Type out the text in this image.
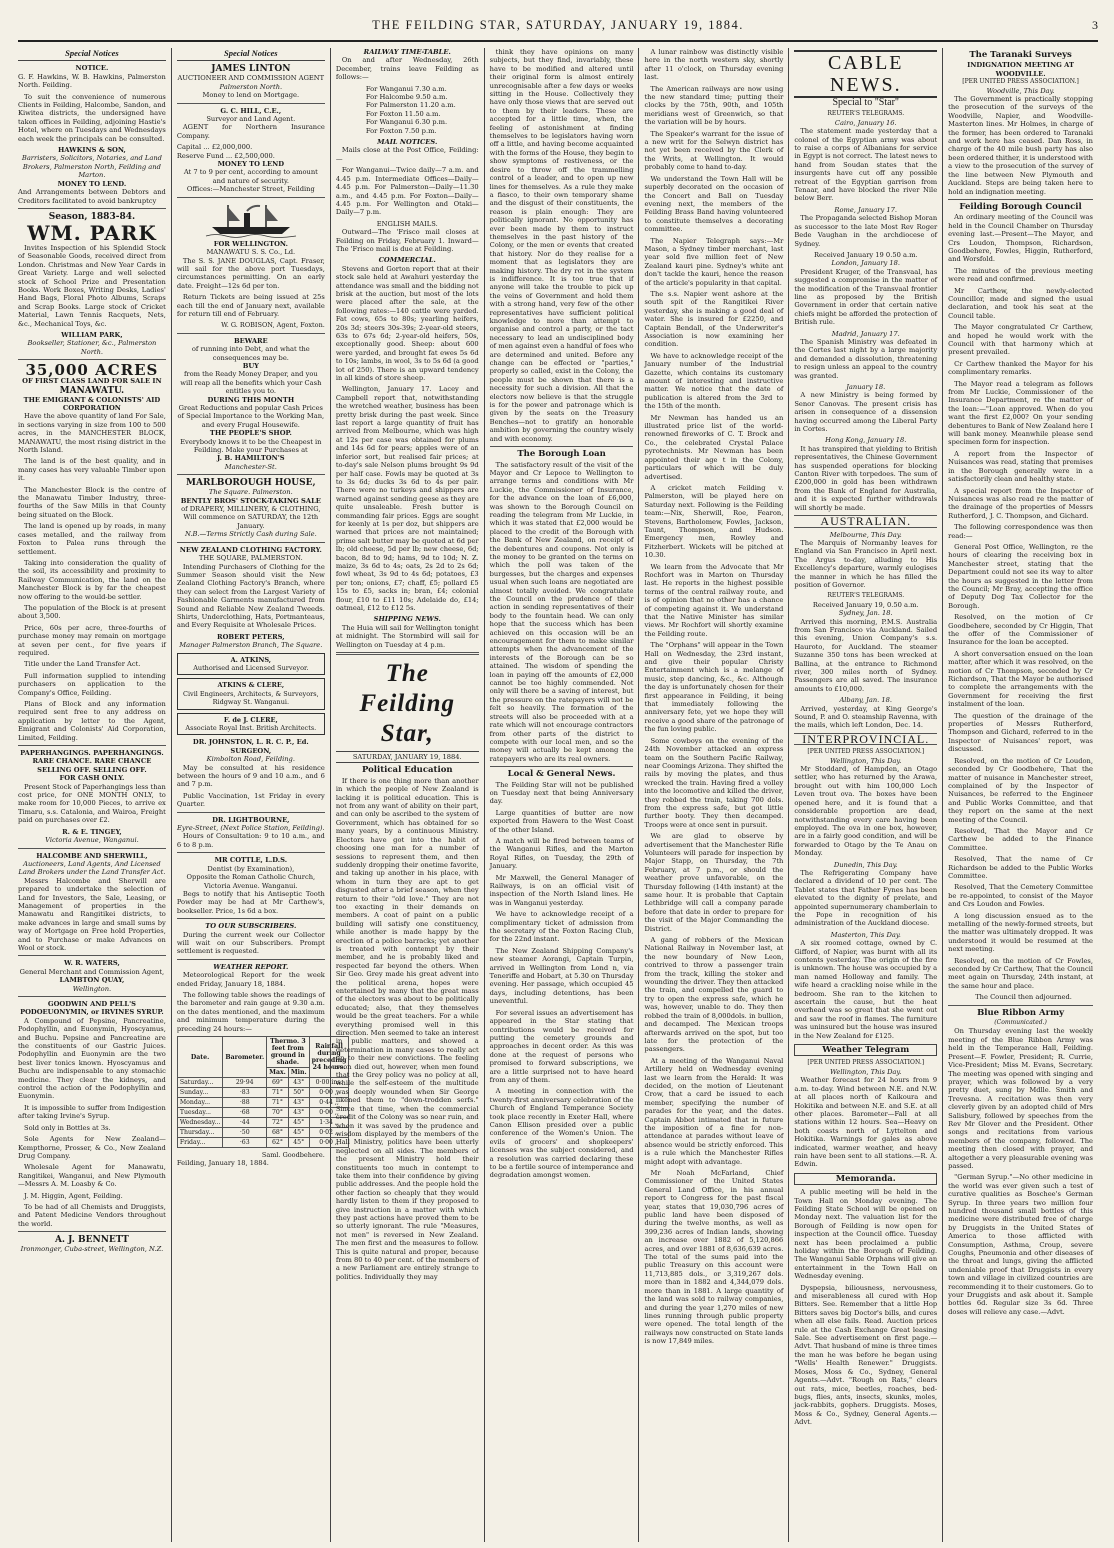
THE FEILDING STAR, SATURDAY, JANUARY 19, 1884.	3
Special Notices
NOTICE.

G. F. Hawkins, W. B. Hawkins, Palmerston North. Feilding.

To suit the convenience of numerous Clients in Feilding, Halcombe, Sandon, and Kiwitea districts, the undersigned have taken offices in Feilding, adjoining Hastie's Hotel, where on Tuesdays and Wednesdays each week the principals can be consulted.

HAWKINS & SON,
Barristers, Solicitors, Notaries, and Land Brokers, Palmerston North, Feilding and Marton.
MONEY TO LEND.

And Arrangements between Debtors and Creditors facilitated to avoid bankruptcy

Season, 1883-84.
WM. PARK

Invites Inspection of his Splendid Stock of Seasonable Goods, received direct from London. Christmas and New Year Cards in Great Variety. Large and well selected stock of School Prize and Presentation Books. Work Boxes, Writing Desks, Ladies' Hand Bags, Floral Photo Albums, Scraps and Scrap Books. Large stock of Cricket Material, Lawn Tennis Racquets, Nets, &c., Mechanical Toys, &c.

WILLIAM PARK,
Bookseller, Stationer, &c., Palmerston North.
35,000 ACRES
OF FIRST CLASS LAND FOR SALE IN
MANAWATU.
THE EMIGRANT & COLONISTS' AID CORPORATION

Have the above quantity of land For Sale, in sections varying in size from 100 to 500 acres, in the MANCHESTER BLOCK, MANAWATU, the most rising district in the North Island.

The land is of the best quality, and in many cases has very valuable Timber upon it.

The Manchester Block is the centre of the Manawatu Timber Industry, three-fourths of the Saw Mills in that County being situated on the Block.

The land is opened up by roads, in many cases metalled, and the railway from Foxton to Palea runs through the settlement.

Taking into consideration the quality of the soil, its accessibility and proximity to Railway Communication, the land on the Manchester Block is by far the cheapest now offering to the would-be settler.

The population of the Block is at present about 3,500.

Price, 60s per acre, three-fourths of purchase money may remain on mortgage at seven per cent., for five years if required.

Title under the Land Transfer Act.

Full information supplied to intending purchasers on application to the Company's Office, Feilding.

Plans of Block and any information required sent free to any address on application by letter to the Agent, Emigrant and Colonists' Aid Corporation, Limited, Feilding.

PAPERHANGINGS. PAPERHANGINGS.
RARE CHANCE. RARE CHANCE
SELLING OFF. SELLING OFF.
FOR CASH ONLY.

Present Stock of Paperhangings less than cost price, for ONE MONTH ONLY, to make room for 10,000 Pieces, to arrive ex Timaru, s.s. Catalonia, and Wairoa, Freight paid on purchases over £2.

R. & E. TINGEY,
Victoria Avenue, Wanganui.
HALCOMBE AND SHERWILL,
Auctioneers, Land Agents, And Licensed Land Brokers under the Land Transfer Act.

Messrs Halcombe and Sherwill are prepared to undertake the selection of Land for Investors, the Sale, Leasing, or Management of properties in the Manawatu and Rangitikei districts, to make advances in large and small sums by way of Mortgage on Free hold Properties, and to Purchase or make Advances on Wool or stock.

W. R. WATERS,
General Merchant and Commission Agent,
LAMBTON QUAY,
Wellington.
GOODWIN AND PELL'S PODOEUONYMIN, or IRVINES SYRUP.

A Compound of Pepsine, Pancreatine, Podophyllin, and Euonymin, Hyoscyamus, and Buchu. Pepsine and Pancreatine are the constituents of our Gastric Juices. Podophyllin and Euonymin are the two best liver tonics known. Hyoscyamus and Buchu are indispensable to any stomachic medicine. They clear the kidneys, and control the action of the Podophyllin and Euonymin.

It is impossible to suffer from Indigestion after taking Irvine's Syrup.

Sold only in Bottles at 3s.

Sole Agents for New Zealand—Kempthorne, Prosser, & Co., New Zealand Drug Company.

Wholesale Agent for Manawatu, Rangitikei, Wanganui, and New Plymouth—Messrs A. M. Loasby & Co.

J. M. Higgin, Agent, Feilding.

To be had of all Chemists and Druggists, and Patent Medicine Vendors throughout the world.

A. J. BENNETT
Ironmonger, Cuba-street, Wellington, N.Z.
Special Notices
JAMES LINTON
AUCTIONEER AND COMMISSION AGENT
Palmerston North.
Money to lend on Mortgage.
G. C. HILL, C.E.,
Surveyor and Land Agent.

AGENT for Northern Insurance Company.

Capital ... £2,000,000.
Reserve Fund ... £2,500,000.
MONEY TO LEND
At 7 to 9 per cent, according to amount and nature of security.
Offices:—Manchester Street, Feilding
FOR WELLINGTON.
MANAWATU S. S. Co., Ld.

The S. S. JANE DOUGLAS, Capt. Fraser, will sail for the above port Tuesdays, circumstances permitting. On an early date. Freight—12s 6d per ton.

Return Tickets are being issued at 25s each till the end of January next, available for return till end of February.

W. G. ROBISON, Agent, Foxton.
BEWARE
of running into Debt, and what the consequences may be.
BUY
from the Ready Money Draper, and you will reap all the benefits which your Cash entitles you to.
DURING THIS MONTH
Great Reductions and popular Cash Prices of Special Importance to the Working Man, and every Frugal Housewife.
THE PEOPLE'S SHOP.
Everybody knows it to be the Cheapest in Feilding. Make your Purchases at
J. B. HAMILTON'S
Manchester-St.
MARLBOROUGH HOUSE,
The Square. Palmerston.
BENTLY BROS' STOCK-TAKING SALE
of DRAPERY, MILLINERY, & CLOTHING,
Will commence on SATURDAY, the 12th January.
N.B.—Terms Strictly Cash during Sale.
NEW ZEALAND CLOTHING FACTORY.
THE SQUARE, PALMERSTON.

Intending Purchasers of Clothing for the Summer Season should visit the New Zealand Clothing Factory's Branch, where they can select from the Largest Variety of Fashionable Garments manufactured from Sound and Reliable New Zealand Tweeds. Shirts, Underclothing, Hats, Portmanteaus, and Every Requisite at Wholesale Prices.

ROBERT PETERS,
Manager Palmerston Branch, The Square.
A. ATKINS,
Authorised and Licensed Surveyor.
ATKINS & CLERE,
Civil Engineers, Architects, & Surveyors,
Ridgway St. Wanganui.
F. de J. CLERE,
Associate Royal Inst. British Architects.
DR. JOHNSTON, L. R. C. P., Ed. SURGEON,
Kimbolton Road, Feilding.

May be consulted at his residence between the hours of 9 and 10 a.m., and 6 and 7 p.m.

Public Vaccination, 1st Friday in every Quarter.

DR. LIGHTBOURNE,
Eyre-Street, (Next Police Station, Feilding).

Hours of Consultation: 9 to 10 a.m., and 6 to 8 p.m.

MR COTTLE, L.D.S.
Dentist (by Examination),
Opposite the Roman Catholic Church, Victoria Avenue. Wanganui.

Begs to notify that his Antiseptic Tooth Powder may be had at Mr Carthew's, bookseller. Price, 1s 6d a box.

TO OUR SUBSCRIBERS.

During the current week our Collector will wait on our Subscribers. Prompt settlement is requested.

WEATHER REPORT.

Meteorological Report for the week ended Friday, January 18, 1884.

The following table shows the readings of the barometer and rain gauge at 9.30 a.m. on the dates mentioned, and the maximum and minimum temperature during the preceding 24 hours:—

Date.	Barometer.	Thermo. 3 feet from ground in shade.		Rainfall during preceding 24 hours.
		Max.	Min.	
Saturday...	29·94	69°	43°	0·00 ins.
Sunday...	·83	71°	50°	0·00 ,,
Monday...	·88	71°	43°	0·44 ,,
Tuesday...	·68	70°	43°	0·00 ,,
Wednesday...	·44	72°	45°	1·34 ,,
Thursday...	·50	68°	45°	0·02 ,,
Friday...	·63	62°	45°	0·00 ,,
Saml. Goodbehere.
Feilding, January 18, 1884.
RAILWAY TIME-TABLE.

On and after Wednesday, 26th December, trains leave Feilding as follows:—

For Wanganui 7.30 a.m.
For Halcombe 9.50 a.m.
For Palmerston 11.20 a.m.
For Foxton 11.50 a.m.
For Wanganui 6.30 p.m.
For Foxton 7.50 p.m.
MAIL NOTICES.

Mails close at the Post Office, Feilding:—

For Wanganui—Twice daily—7 a.m. and 4.45 p.m. Intermediate Offices—Daily—4.45 p.m. For Palmerston—Daily—11.30 a.m., and 4.45 p.m. For Foxton—Daily—4.45 p.m. For Wellington and Otaki—Daily—7 p.m.

ENGLISH MAILS.

Outward—The 'Frisco mail closes at Feilding on Friday, February 1. Inward—The 'Frisco mail is due at Feilding.

COMMERCIAL.

Stevens and Gorton report that at their stock sale held at Awahuri yesterday the attendance was small and the bidding not brisk at the auction, but most of the lots were placed after the sale, at the following rates:—140 cattle were yarded. Fat cows, 65s to 80s; yearling heifers, 20s 3d; steers 30s-39s; 2-year-old steers, 63s to 67s 6d; 2-year-old heifers, 50s, exceptionally good. Sheep: about 600 were yarded, and brought fat ewes 5s 6d to 10s; lambs, in wool, 3s to 5s 6d (a good lot of 250). There is an upward tendency in all kinds of store sheep.

Wellington, January 17. Lacey and Campbell report that, notwithstanding the wretched weather, business has been pretty brisk during the past week. Since last report a large quantity of fruit has arrived from Melbourne, which was high at 12s per case was obtained for plums and 14s 6d for pears; apples were of an inferior sort, but realised fair prices; at to-day's sale Nelson plums brought 9s 9d per half case. Fowls may be quoted at 3s to 3s 6d; ducks 3s 6d to 4s per pair. There were no turkeys and shippers are warned against sending geese as they are quite unsaleable. Fresh butter is commanding fair prices. Eggs are sought for keenly at 1s per doz, but shippers are warned that prices are not maintained; prime salt butter may be quoted at 6d per lb; old cheese, 5d per lb; new cheese, 6d; bacon, 8d to 9d; hams, 9d to 10d; N. Z. maize, 3s 6d to 4s; oats, 2s 2d to 2s 6d; fowl wheat, 3s 9d to 4s 6d; potatoes, £3 per ton; onions, £7; chaff, £5; pollard £5 15s to £5, sacks in; bran, £4; colonial flour, £10 to £11 10s; Adelaide do, £14; oatmeal, £12 to £12 5s.

SHIPPING NEWS.

The Huia will sail for Wellington tonight at midnight. The Stormbird will sail for Wellington on Tuesday at 4 p.m.

The Feilding Star,
SATURDAY, JANUARY 19, 1884.
Political Education

If there is one thing more than another in which the people of New Zealand is lacking it is political education. This is not from any want of ability on their part, and can only be ascribed to the system of Government, which has obtained for so many years, by a continuous Ministry. Electors have got into the habit of choosing one man for a number of sessions to represent them, and then suddenly dropping their onetime favorite, and taking up another in his place, with whom in turn they are apt to get disgusted after a brief season, when they return to their "old love." They are not too exacting in their demands on members. A coat of paint on a public building will satisfy one constituency, while another is made happy by the erection of a police barracks; yet another is treated with contempt by their member, and he is probably liked and respected far beyond the others. When Sir Geo. Grey made his great advent into the political arena, hopes were entertained by many that the great mass of the electors was about to be politically educated; also, that they themselves would be the great teachers. For a while everything promised well in this direction. Men seemed to take an interest in public matters, and showed a determination in many cases to really act up to their new convictions. The feeling soon died out, however, when men found that the Grey policy was no policy at all, while the self-esteem of the multitude was deeply wounded when Sir George likened them to "down-trodden serfs." Since that time, when the commercial credit of the Colony was so near ruin, and when it was saved by the prudence and wisdom displayed by the members of the Hall Ministry, politics have been utterly neglected on all sides. The members of the present Ministry hold their constituents too much in contempt to take them into their confidence by giving public addresses. And the people hold the other faction so cheaply that they would hardly listen to them if they proposed to give instruction in a matter with which they past actions have proved them to be so utterly ignorant. The rule "Measures, not men" is reversed in New Zealand. The men first and the measures to follow. This is quite natural and proper, because from 80 to 40 per cent. of the members of a new Parliament are entirely strange to politics. Individually they may

think they have opinions on many subjects, but they find, invariably, these have to be modified and altered until their original form is almost entirely unrecognisable after a few days or weeks sitting in the House. Collectively they have only those views that are served out to them by their leaders. These are accepted for a little time, when, the feeling of astonishment at finding themselves to be legislators having worn off a little, and having become acquainted with the forms of the House, they begin to show symptoms of restiveness, or the desire to throw off the trammelling control of a leader, and to open up new lines for themselves. As a rule they make a fiasco, to their own temporary shame and the disgust of their constituents, the reason is plain enough: They are politically ignorant. No opportunity has ever been made by them to instruct themselves in the past history of the Colony, or the men or events that created that history. Nor do they realise for a moment that as legislators they are making history. The dry rot in the system is indifference. It is too true that if anyone will take the trouble to pick up the veins of Government and hold them with a strong hand, very few of the other representatives have sufficient political knowledge to more than attempt to organise and control a party, or the tact necessary to lead an undisciplined body of men against even a handful of foes who are determined and united. Before any change can be effected or "parties," properly so called, exist in the Colony, the people must be shown that there is a necessity for such a division. All that the electors now believe is that the struggle is for the power and patronage which is given by the seats on the Treasury Benches—not to gratify an honorable ambition by governing the country wisely and with economy.

The Borough Loan

The satisfactory result of the visit of the Mayor and Cr Lepoce to Wellington to arrange terms and conditions with Mr Luckie, the Commissioner of Insurance, for the advance on the loan of £6,000, was shown to the Borough Council on reading the telegram from Mr Luckie, in which it was stated that £2,000 would be placed to the credit of the Borough with the Bank of New Zealand, on receipt of the debentures and coupons. Not only is the money to be granted on the terms on which the poll was taken of the burgesses, but the charges and expenses usual when such loans are negotiated are almost totally avoided. We congratulate the Council on the prudence of their action in sending representatives of their body to the fountain head. We can only hope that the success which has been achieved on this occasion will be an encouragement for them to make similar attempts when the advancement of the interests of the Borough can be so attained. The wisdom of spending the loan in paying off the amounts of £2,000 cannot be too highly commended. Not only will there be a saving of interest, but the pressure on the ratepayers will not be felt so heavily. The formation of the streets will also be proceeded with at a rate which will not encourage contractors from other parts of the district to compete with our local men, and so the money will actually be kept among the ratepayers who are its real owners.

Local & General News.

The Feilding Star will not be published on Tuesday next that being Anniversary day.

Large quantities of butter are now exported from Hawera to the West Coast of the other Island.

A match will be fired between teams of the Wanganui Rifles, and the Marton Royal Rifles, on Tuesday, the 29th of January.

Mr Maxwell, the General Manager of Railways, is on an official visit of inspection of the North Island lines. He was in Wanganui yesterday.

We have to acknowledge receipt of a complimentary ticket of admission from the secretary of the Foxton Racing Club, for the 22nd instant.

The New Zealand Shipping Company's new steamer Aorangi, Captain Turpin, arrived in Wellington from Lond n, via Teneriffe and Hobart, at 5.30 on Thursday evening. Her passage, which occupied 45 days, including detentions, has been uneventful.

For several issues an advertisement has appeared in the Star stating that contributions would be received for putting the cemetery grounds and approaches in decent order. As this was done at the request of persons who promised to forward subscriptions, we are a little surprised not to have heard from any of them.

A meeting in connection with the twenty-first anniversary celebration of the Church of England Temperance Society took place recently in Exeter Hall, where Canon Ellison presided over a public conference of the Women's Union. The evils of grocers' and shopkeepers' licenses was the subject considered, and a resolution was carried declaring these to be a fertile source of intemperance and degradation amongst women.

A lunar rainbow was distinctly visible here in the north western sky, shortly after 11 o'clock, on Thursday evening last.

The American railways are now using the new standard time; putting their clocks by the 75th, 90th, and 105th meridians west of Greenwich, so that the variation will be by hours.

The Speaker's warrant for the issue of a new writ for the Selwyn district has not yet been received by the Clerk of the Writs, at Wellington. It would probably come to hand to-day.

We understand the Town Hall will be superbly decorated on the occasion of the Concert and Ball on Tuesday evening next, the members of the Feilding Brass Band having volunteered to constitute themselves a decorating committee.

The Napier Telegraph says:—Mr Mason, a Sydney timber merchant, last year sold five million feet of New Zealand kauri pine. Sydney's white ant don't tackle the kauri, hence the reason of the article's popularity in that capital.

The s.s. Napier went ashore at the south spit of the Rangitikei River yesterday, she is making a good deal of water. She is insured for £2250, and Captain Bendall, of the Underwriter's Association is now examining her condition.

We have to acknowledge receipt of the January number of the Industrial Gazette, which contains its customary amount of interesting and instructive matter. We notice that the date of publication is altered from the 3rd to the 15th of the month.

Mr Newman has handed us an illustrated price list of the world-renowned fireworks of C. T. Brock and Co., the celebrated Crystal Palace pyrotechnists. Mr Newman has been appointed their age t in the Colony, particulars of which will be duly advertised.

A cricket match Feilding v. Palmerston, will be played here on Saturday next. Following is the Feilding team:—Nix, Sherwill, Roe, Fearon, Stevens, Bartholomew, Fowles, Jackson, Taunt, Thompson, and Hudson. Emergency men, Rowley and Fitzherbert. Wickets will be pitched at 10.30.

We learn from the Advocate that Mr Rochfort was in Marton on Thursday last. He reports in the highest possible terms of the central railway route, and is of opinion that no other has a chance of competing against it. We understand that the Native Minister has similar views. Mr Rochfort will shortly examine the Feilding route.

The "Orphans" will appear in the Town Hall on Wednesday, the 23rd instant, and give their popular Christy Entertainment which is a melange of music, step dancing, &c., &c. Although the day is unfortunately chosen for their first appearance in Feilding, it being that immediately following the anniversary fete, yet we hope they will receive a good share of the patronage of the fun loving public.

Some cowboys on the evening of the 24th November attacked an express team on the Southern Pacific Railway, near Coomings Arizona. They shifted the rails by moving the plates, and thus wrecked the train. Having fired a volley into the locomotive and killed the driver, they robbed the train, taking 700 dols. from the express safe, but got little further booty. They then decamped. Troops were at once sent in pursuit.

We are glad to observe by advertisement that the Manchester Rifle Volunteers will parade for inspection by Major Stapp, on Thursday, the 7th February, at 7 p.m., or should the weather prove unfavorable, on the Thursday following (14th instant) at the same hour. It is probable that Captain Lethbridge will call a company parade before that date in order to prepare for the visit of the Major Commanding the District.

A gang of robbers of the Mexican National Railway in November last, at the new boundary of New Leon, contrived to throw a passenger train from the track, killing the stoker and wounding the driver. They then attacked the train, and compelled the guard to try to open the express safe, which he was, however, unable to do. They then robbed the train of 8,000dols. in bullion, and decamped. The Mexican troops afterwards arrived on the spot, but too late for the protection of the passengers.

At a meeting of the Wanganui Naval Artillery held on Wednesday evening last we learn from the Herald: It was decided, on the motion of Lieutenant Crow, that a card be issued to each member, specifying the number of parades for the year, and the dates. Captain Abbot intimated that in future the imposition of a fine for non-attendance at parades without leave of absence would be strictly enforced. This is a rule which the Manchester Rifles might adopt with advantage.

Mr Noah McFarland, Chief Commissioner of the United States General Land Office, in his annual report to Congress for the past fiscal year, states that 19,030,796 acres of public land have been disposed of during the twelve months, as well as 399,236 acres of Indian lands, showing an increase over 1882 of 5,120,866 acres, and over 1881 of 8,636,639 acres. The total of the sums paid into the public Treasury on this account were 11,713,885 dols., or 3,319,267 dols. more than in 1882 and 4,344,079 dols. more than in 1881. A large quantity of the land was sold to railway companies, and during the year 1,270 miles of new lines running through public property were opened. The total length of the railways now constructed on State lands is now 17,849 miles.

CABLE NEWS.
Special to "Star"
REUTER'S TELEGRAMS.
Cairo, January 16.

The statement made yesterday that a colonel of the Egyptian army was about to raise a corps of Albanians for service in Egypt is not correct. The latest news to hand from Soudan states that the insurgents have cut off any possible retreat of the Egyptian garrison from Tenaar, and have blocked the river Nile below Berr.

Rome, January 17.

The Propaganda selected Bishop Moran as successor to the late Most Rev Roger Bede Vaughan in the archdiocese of Sydney.

Received January 19 0.50 a.m.
London, January 18.

President Kruger, of the Transvaal, has suggested a compromise in the matter of the modification of the Transvaal frontier line as proposed by the British Government in order that certain native chiefs might be afforded the protection of British rule.

Madrid, January 17.

The Spanish Ministry was defeated in the Cortes last night by a large majority and demanded a dissolution, threatening to resign unless an appeal to the country was granted.

January 18.

A new Ministry is being formed by Senor Canovas. The present crisis has arisen in consequence of a dissension having occurred among the Liberal Party in Cortes.

Hong Kong, January 18.

It has transpired that yielding to British representatives, the Chinese Government has suspended operations for blocking Canton River with torpedoes. The sum of £200,000 in gold has been withdrawn from the Bank of England for Australia, and it is expected further withdrawals will shortly be made.

AUSTRALIAN.
Melbourne, This Day.

The Marquis of Normanby leaves for England via San Francisco in April next. The Argus to-day, alluding to His Excellency's departure, warmly eulogises the manner in which he has filled the position of Governor.

REUTER'S TELEGRAMS.
Received January 19, 0.50 a.m.
Sydney, Jan. 18.

Arrived this morning, P.M.S. Australia from San Francisco via Auckland. Sailed this evening, Union Company's s.s. Hauroto, for Auckland. The steamer Suzanne 350 tons has been wrecked at Ballina, at the entrance to Richmond river, 300 miles north of Sydney. Passengers are all saved. The insurance amounts to £10,000.

Albany, Jan. 18.

Arrived, yesterday, at King George's Sound, P. and O. steamship Ravenna, with the mails, which left London, Dec. 14.

INTERPROVINCIAL.
[PER UNITED PRESS ASSOCIATION.]
Wellington, This Day.

Mr Stoddard, of Hampden, an Otago settler, who has returned by the Arawa, brought out with him 100,000 Loch Leven trout ova. The boxes have been opened here, and it is found that a considerable proportion are dead, notwithstanding every care having been employed. The ova in one box, however, are in a fairly good condition, and will be forwarded to Otago by the Te Anau on Monday.

Dunedin, This Day.

The Refrigerating Company have declared a dividend of 10 per cent. The Tablet states that Father Fynes has been elevated to the dignity of prelate, and appointed supernumerary chamberlain to the Pope in recognition of his administration of the Auckland diocese.

Masterton, This Day.

A six roomed cottage, owned by C. Gifford, of Napier, was burnt with all its contents yesterday. The origin of the fire is unknown. The house was occupied by a man named Holloway and family. The wife heard a crackling noise while in the bedroom. She ran to the kitchen to ascertain the cause, but the heat overhead was so great that she went out and saw the roof in flames. The furniture was uninsured but the house was insured in the New Zealand for £125.

Weather Telegram
[PER UNITED PRESS ASSOCIATION.]
Wellington, This Day.

Weather forecast for 24 hours from 9 a.m. to-day. Wind between N.E. and N.W. at all places north of Kaikoura and Hokitika and between N.E. and S.E. at all other places. Barometer—Fall at all stations within 12 hours. Sea—Heavy on both coasts north of Lyttelton and Hokitika. Warnings for gales as above indicated, warmer weather, and heavy rain have been sent to all stations.—R. A. Edwin.

Memoranda.

A public meeting will be held in the Town Hall on Monday evening. The Feilding State School will be opened on Monday next. The valuation list for the Borough of Feilding is now open for inspection at the Council office. Tuesday next has been proclaimed a public holiday within the Borough of Feilding. The Wanganui Sable Orphans will give an entertainment in the Town Hall on Wednesday evening.

Dyspepsia, biliousness, nervousness, and miserableness all cured with Hop Bitters. See. Remember that a little Hop Bitters saves big Doctor's bills, and cures when all else fails. Read. Auction prices rule at the Cash Exchange Great leasing Sale. See advertisement on first page.—Advt. That husband of mine is three times the man he was before he began using "Wells' Health Renewer." Druggists. Moses, Moss & Co., Sydney, General Agents.—Advt. "Rough on Rats," clears out rats, mice, beetles, roaches, bed-bugs, flies, ants, insects, skunks, moles, jack-rabbits, gophers. Druggists. Moses, Moss & Co., Sydney, General Agents.—Advt.

The Taranaki Surveys
INDIGNATION MEETING AT WOODVILLE.
[PER UNITED PRESS ASSOCIATION.]
Woodville, This Day.

The Government is practically stopping the prosecution of the surveys of the Woodville, Napier, and Woodville-Masterton lines. Mr Holmes, in charge of the former, has been ordered to Taranaki and work here has ceased. Dan Ross, in charge of the 40 mile bush party has also been ordered thither, it is understood with a view to the prosecution of the survey of the line between New Plymouth and Auckland. Steps are being taken here to hold an indignation meeting.

Feilding Borough Council

An ordinary meeting of the Council was held in the Council Chamber on Thursday evening last.—Present—The Mayor, and Crs Loudon, Thompson, Richardson, Goodbehere, Fowles, Higgin, Rutherford, and Worsfold.

The minutes of the previous meeting were read and confirmed.

Mr Carthew, the newly-elected Councillor, made and signed the usual declaration, and took his seat at the Council table.

The Mayor congratulated Cr Carthew, and hoped he would work with the Council with that harmony which at present prevailed.

Cr Carthew thanked the Mayor for his complimentary remarks.

The Mayor read a telegram as follows from Mr Luckie, Commissioner of the Insurance Department, re the matter of the loan:—"Loan approved. When do you want the first £2,000? On your sending debentures to Bank of New Zealand here I will bank money. Meanwhile please send specimen form for inspection.

A report from the Inspector of Nuisances was read, stating that premises in the Borough generally were in a satisfactorily clean and healthy state.

A special report from the Inspector of Nuisances was also read re the matter of the drainage of the properties of Messrs Rutherford, J. C. Thompson, and Gichard.

The following correspondence was then read:—

General Post Office, Wellington, re the hours of clearing the receiving box in Manchester street, stating that the Department could not see its way to alter the hours as suggested in the letter from the Council; Mr Bray, accepting the office of Deputy Dog Tax Collector for the Borough.

Resolved, on the motion of Cr Goodbehere, seconded by Cr Higgin, That the offer of the Commissioner of Insurance for the loan be accepted.

A short conversation ensued on the loan matter, after which it was resolved, on the motion of Cr Thompson, seconded by Cr Richardson, That the Mayor be authorised to complete the arrangements with the Government for receiving the first instalment of the loan.

The question of the drainage of the properties of Messrs Rutherford, Thompson and Gichard, referred to in the Inspector of Nuisances' report, was discussed.

Resolved, on the motion of Cr Loudon, seconded by Cr Goodbehere, That the matter of nuisance in Manchester street, complained of by the Inspector of Nuisances, be referred to the Engineer and Public Works Committee, and that they report on the same at the next meeting of the Council.

Resolved, That the Mayor and Cr Carthew be added to the Finance Committee.

Resolved, That the name of Cr Richardson be added to the Public Works Committee.

Resolved, That the Cemetery Committee be re-appointed, to consist of the Mayor and Crs Loudon and Fowles.

A long discussion ensued as to the metalling of the newly-formed streets, but the matter was ultimately dropped. It was understood it would be resumed at the next meeting.

Resolved, on the motion of Cr Fowles, seconded by Cr Carthew, That the Council meet again on Thursday, 24th instant, at the same hour and place.

The Council then adjourned.

Blue Ribbon Army
(Communicated.)

On Thursday evening last the weekly meeting of the Blue Ribbon Army was held in the Temperance Hall, Feilding. Present—F. Fowler, President; R. Currie, Vice-President; Miss M. Evans, Secretary. The meeting was opened with singing and prayer, which was followed by a very pretty duet, sung by Mdlle. Smith and Trevesna. A recitation was then very cleverly given by an adopted child of Mrs Salisbury, followed by speeches from the Rev Mr Glover and the President. Other songs and recitations from various members of the company, followed. The meeting then closed with prayer, and altogether a very pleasurable evening was passed.

"German Syrup."—No other medicine in the world was ever given such a test of curative qualities as Boschee's German Syrup. In three years two million four hundred thousand small bottles of this medicine were distributed free of charge by Druggists in the United States of America to those afflicted with Consumption, Asthma, Croup, severe Coughs, Pneumonia and other diseases of the throat and lungs, giving the afflicted undeniable proof that Druggists in every town and village in civilized countries are recommending it to their customers. Go to your Druggists and ask about it. Sample bottles 6d. Regular size 3s 6d. Three doses will relieve any case.—Advt.
